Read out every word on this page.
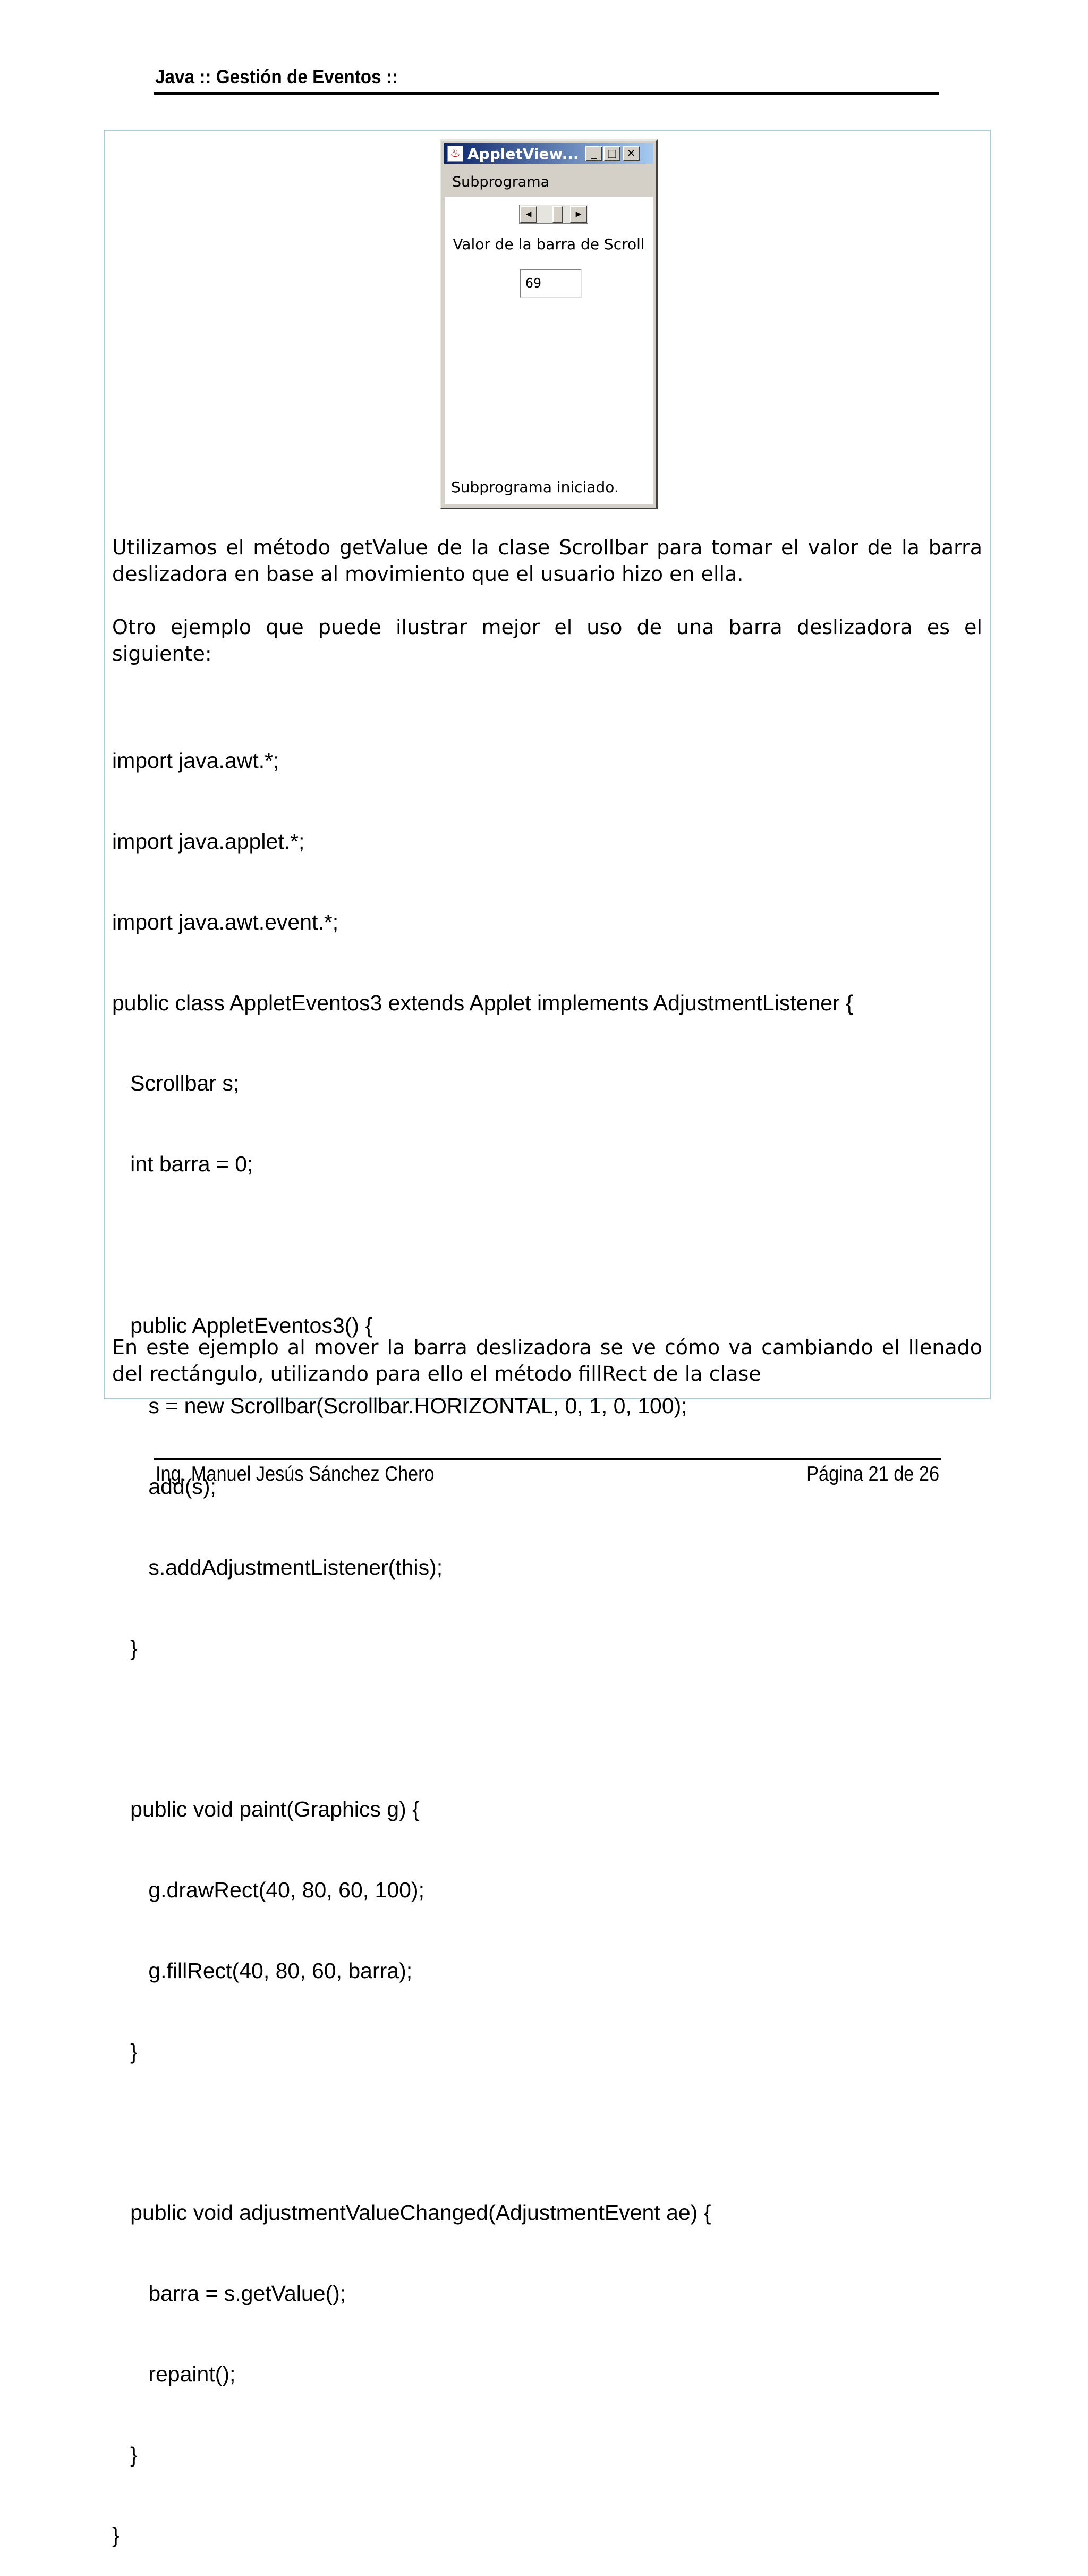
Java :: Gestión de Eventos ::
♨ AppletView...	_ □ ✕
Subprograma
◀	▶
Valor de la barra de Scroll
69
Subprograma iniciado.

Utilizamos el método getValue de la clase Scrollbar para tomar el valor de la barra deslizadora en base al movimiento que el usuario hizo en ella.

Otro ejemplo que puede ilustrar mejor el uso de una barra deslizadora es el siguiente:

import java.awt.*;

import java.applet.*;

import java.awt.event.*;

public class AppletEventos3 extends Applet implements AdjustmentListener {

Scrollbar s;

int barra = 0;

public AppletEventos3() {

s = new Scrollbar(Scrollbar.HORIZONTAL, 0, 1, 0, 100);

add(s);

s.addAdjustmentListener(this);

}

public void paint(Graphics g) {

g.drawRect(40, 80, 60, 100);

g.fillRect(40, 80, 60, barra);

}

public void adjustmentValueChanged(AdjustmentEvent ae) {

barra = s.getValue();

repaint();

}

}

En este ejemplo al mover la barra deslizadora se ve cómo va cambiando el llenado del rectángulo, utilizando para ello el método fillRect de la clase

Ing. Manuel Jesús Sánchez Chero	Página 21 de 26
